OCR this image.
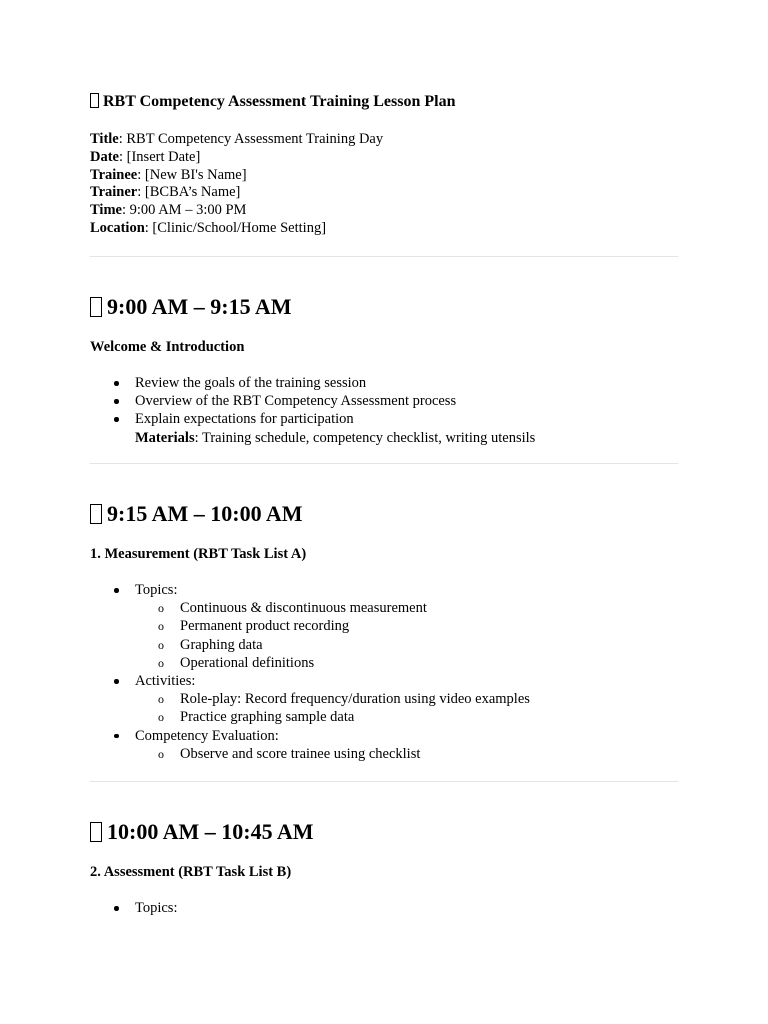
RBT Competency Assessment Training Lesson Plan
Title: RBT Competency Assessment Training Day
Date: [Insert Date]
Trainee: [New BI's Name]
Trainer: [BCBA’s Name]
Time: 9:00 AM – 3:00 PM
Location: [Clinic/School/Home Setting]
9:00 AM – 9:15 AM
Welcome & Introduction
Review the goals of the training session
Overview of the RBT Competency Assessment process
Explain expectations for participation
Materials: Training schedule, competency checklist, writing utensils
9:15 AM – 10:00 AM
1. Measurement (RBT Task List A)
Topics:
o Continuous & discontinuous measurement
o Permanent product recording
o Graphing data
o Operational definitions
Activities:
o Role-play: Record frequency/duration using video examples
o Practice graphing sample data
Competency Evaluation:
o Observe and score trainee using checklist
10:00 AM – 10:45 AM
2. Assessment (RBT Task List B)
Topics:
